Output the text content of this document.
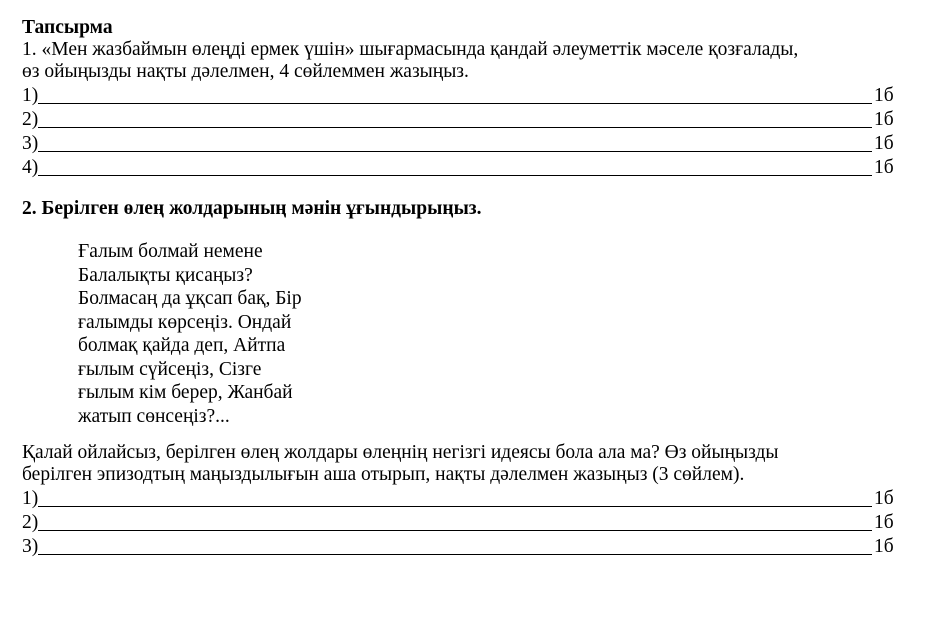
Тапсырма

1. «Мен жазбаймын өлеңді ермек үшін» шығармасында қандай әлеуметтік мәселе қозғалады,

өз ойыңызды нақты дәлелмен, 4 сөйлеммен жазыңыз.

1)	1б
2)	1б
3)	1б
4)	1б

2. Берілген өлең жолдарының мәнін ұғындырыңыз.

Ғалым болмай немене
Балалықты қисаңыз?
Болмасаң да ұқсап бақ, Бір
ғалымды көрсеңіз. Ондай
болмақ қайда деп, Айтпа
ғылым сүйсеңіз, Сізге
ғылым кім берер, Жанбай
жатып сөнсеңіз?...

Қалай ойлайсыз, берілген өлең жолдары өлеңнің негізгі идеясы бола ала ма? Өз ойыңызды

берілген эпизодтың маңыздылығын аша отырып, нақты дәлелмен жазыңыз (3 сөйлем).

1)	1б
2)	1б
3)	1б
